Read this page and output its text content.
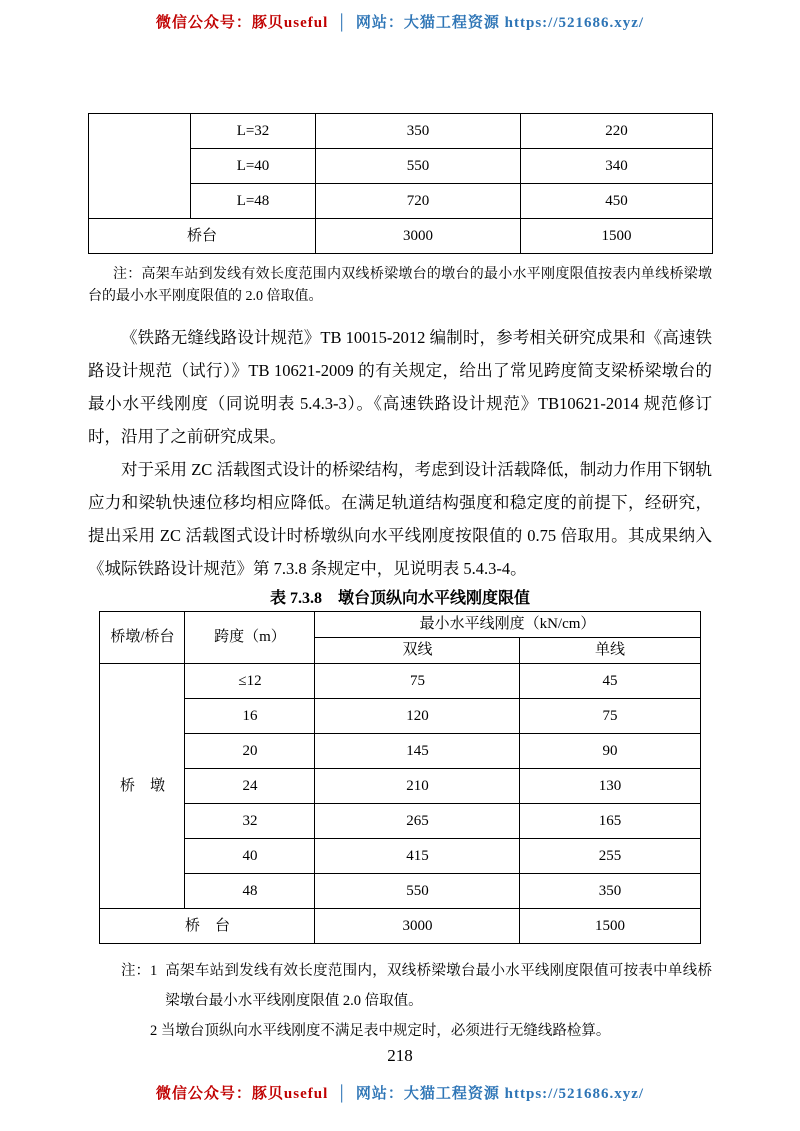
微信公众号：豚贝useful │ 网站：大猫工程资源 https://521686.xyz/
	L=32	350	220
	L=40	550	340
	L=48	720	450
桥台		3000	1500

注：高架车站到发线有效长度范围内双线桥梁墩台的墩台的最小水平刚度限值按表内单线桥梁墩台的最小水平刚度限值的 2.0 倍取值。

《铁路无缝线路设计规范》TB 10015-2012 编制时，参考相关研究成果和《高速铁路设计规范（试行）》TB 10621-2009 的有关规定，给出了常见跨度简支梁桥梁墩台的最小水平线刚度（同说明表 5.4.3-3）。《高速铁路设计规范》TB10621-2014 规范修订时，沿用了之前研究成果。

对于采用 ZC 活载图式设计的桥梁结构，考虑到设计活载降低，制动力作用下钢轨应力和梁轨快速位移均相应降低。在满足轨道结构强度和稳定度的前提下，经研究，提出采用 ZC 活载图式设计时桥墩纵向水平线刚度按限值的 0.75 倍取用。其成果纳入《城际铁路设计规范》第 7.3.8 条规定中，见说明表 5.4.3-4。

表 7.3.8　墩台顶纵向水平线刚度限值
桥墩/桥台	跨度（m）	最小水平线刚度（kN/cm）	
		双线	单线
桥　墩	≤12	75	45
	16	120	75
	20	145	90
	24	210	130
	32	265	165
	40	415	255
	48	550	350
桥　台		3000	1500
注：1 高架车站到发线有效长度范围内，双线桥梁墩台最小水平线刚度限值可按表中单线桥梁墩台最小水平线刚度限值 2.0 倍取值。
2 当墩台顶纵向水平线刚度不满足表中规定时，必须进行无缝线路检算。
218
微信公众号：豚贝useful │ 网站：大猫工程资源 https://521686.xyz/
